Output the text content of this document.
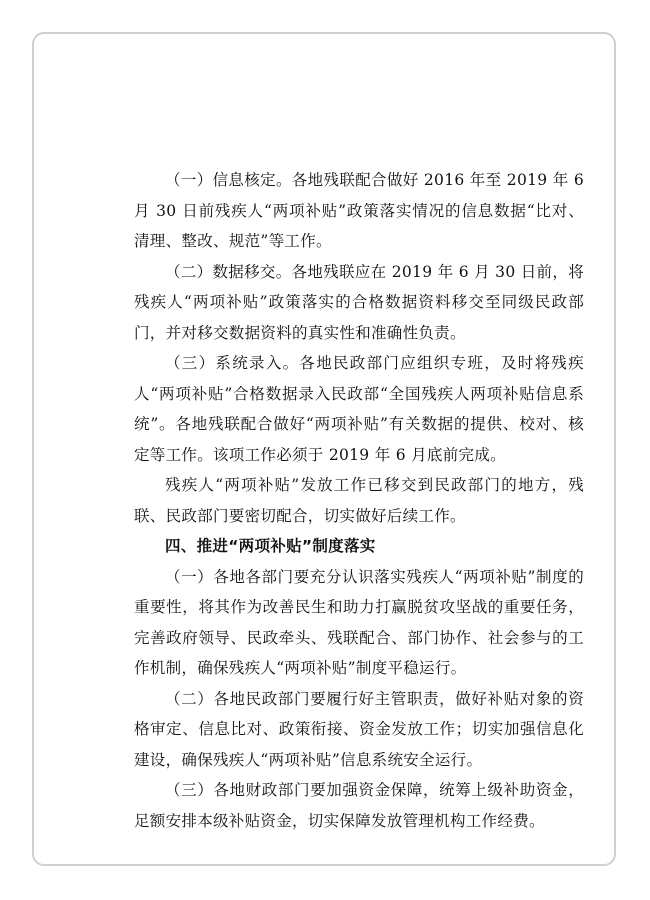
（一）信息核定。各地残联配合做好 2016 年至 2019 年 6 月 30 日前残疾人“两项补贴”政策落实情况的信息数据“比对、清理、整改、规范”等工作。

（二）数据移交。各地残联应在 2019 年 6 月 30 日前，将残疾人“两项补贴”政策落实的合格数据资料移交至同级民政部门，并对移交数据资料的真实性和准确性负责。

（三）系统录入。各地民政部门应组织专班，及时将残疾人“两项补贴”合格数据录入民政部“全国残疾人两项补贴信息系统”。各地残联配合做好“两项补贴”有关数据的提供、校对、核定等工作。该项工作必须于 2019 年 6 月底前完成。

残疾人“两项补贴”发放工作已移交到民政部门的地方，残联、民政部门要密切配合，切实做好后续工作。

四、推进“两项补贴”制度落实

（一）各地各部门要充分认识落实残疾人“两项补贴”制度的重要性，将其作为改善民生和助力打赢脱贫攻坚战的重要任务，完善政府领导、民政牵头、残联配合、部门协作、社会参与的工作机制，确保残疾人“两项补贴”制度平稳运行。

（二）各地民政部门要履行好主管职责，做好补贴对象的资格审定、信息比对、政策衔接、资金发放工作；切实加强信息化建设，确保残疾人“两项补贴”信息系统安全运行。

（三）各地财政部门要加强资金保障，统筹上级补助资金，足额安排本级补贴资金，切实保障发放管理机构工作经费。
